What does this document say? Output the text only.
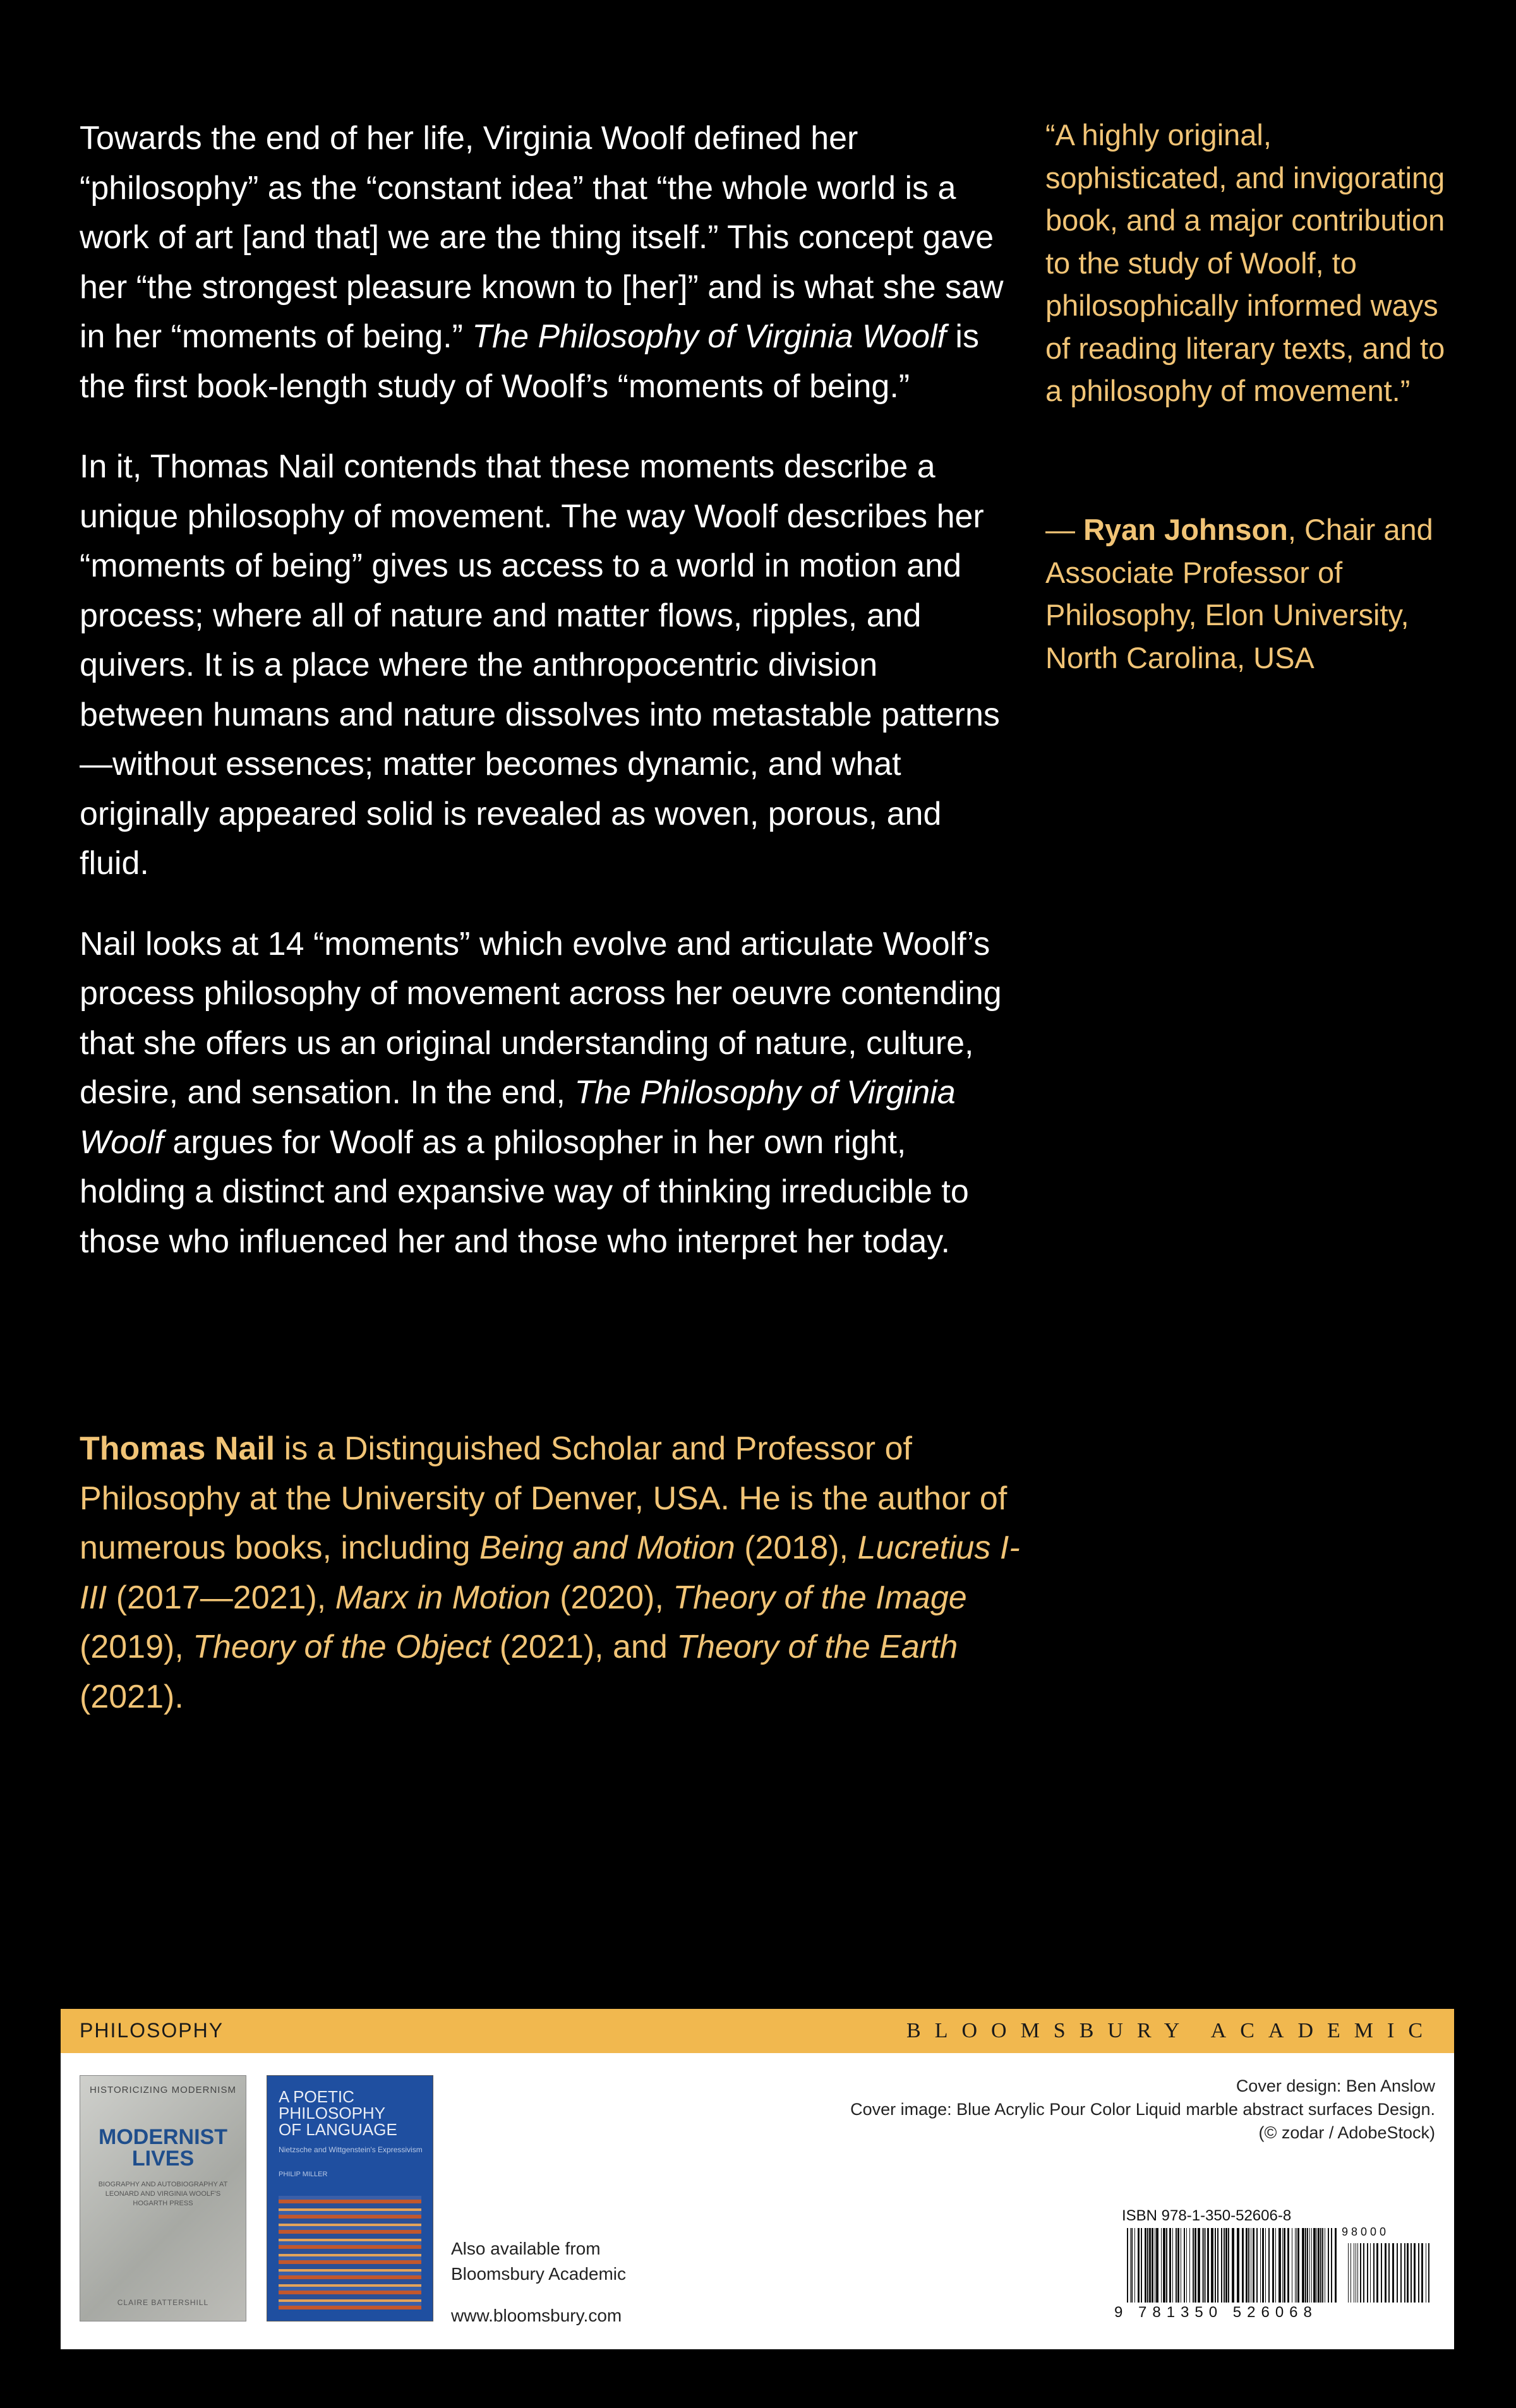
Towards the end of her life, Virginia Woolf defined her “philosophy” as the “constant idea” that “the whole world is a work of art [and that] we are the thing itself.” This concept gave her “the strongest pleasure known to [her]” and is what she saw in her “moments of being.” The Philosophy of Virginia Woolf is the first book-length study of Woolf’s “moments of being.”

In it, Thomas Nail contends that these moments describe a unique philosophy of movement. The way Woolf describes her “moments of being” gives us access to a world in motion and process; where all of nature and matter flows, ripples, and quivers. It is a place where the anthropocentric division between humans and nature dissolves into metastable patterns—without essences; matter becomes dynamic, and what originally appeared solid is revealed as woven, porous, and fluid.

Nail looks at 14 “moments” which evolve and articulate Woolf’s process philosophy of movement across her oeuvre contending that she offers us an original understanding of nature, culture, desire, and sensation. In the end, The Philosophy of Virginia Woolf argues for Woolf as a philosopher in her own right, holding a distinct and expansive way of thinking irreducible to those who influenced her and those who interpret her today.

Thomas Nail is a Distinguished Scholar and Professor of Philosophy at the University of Denver, USA. He is the author of numerous books, including Being and Motion (2018), Lucretius I-III (2017—2021), Marx in Motion (2020), Theory of the Image (2019), Theory of the Object (2021), and Theory of the Earth (2021).

“A highly original, sophisticated, and invigorating book, and a major contribution to the study of Woolf, to philosophically informed ways of reading literary texts, and to a philosophy of movement.”

— Ryan Johnson, Chair and Associate Professor of Philosophy, Elon University, North Carolina, USA

PHILOSOPHY	BLOOMSBURY ACADEMIC
HISTORICIZING MODERNISM
MODERNIST
LIVES
BIOGRAPHY AND AUTOBIOGRAPHY AT LEONARD AND VIRGINIA WOOLF'S HOGARTH PRESS
CLAIRE BATTERSHILL
A POETIC
PHILOSOPHY
OF LANGUAGE
Nietzsche and Wittgenstein's Expressivism
PHILIP MILLER
Also available from
Bloomsbury Academic
www.bloomsbury.com
Cover design: Ben Anslow
Cover image: Blue Acrylic Pour Color Liquid marble abstract surfaces Design.
(© zodar / AdobeStock)
ISBN 978-1-350-52606-8
98000
9 781350 526068
